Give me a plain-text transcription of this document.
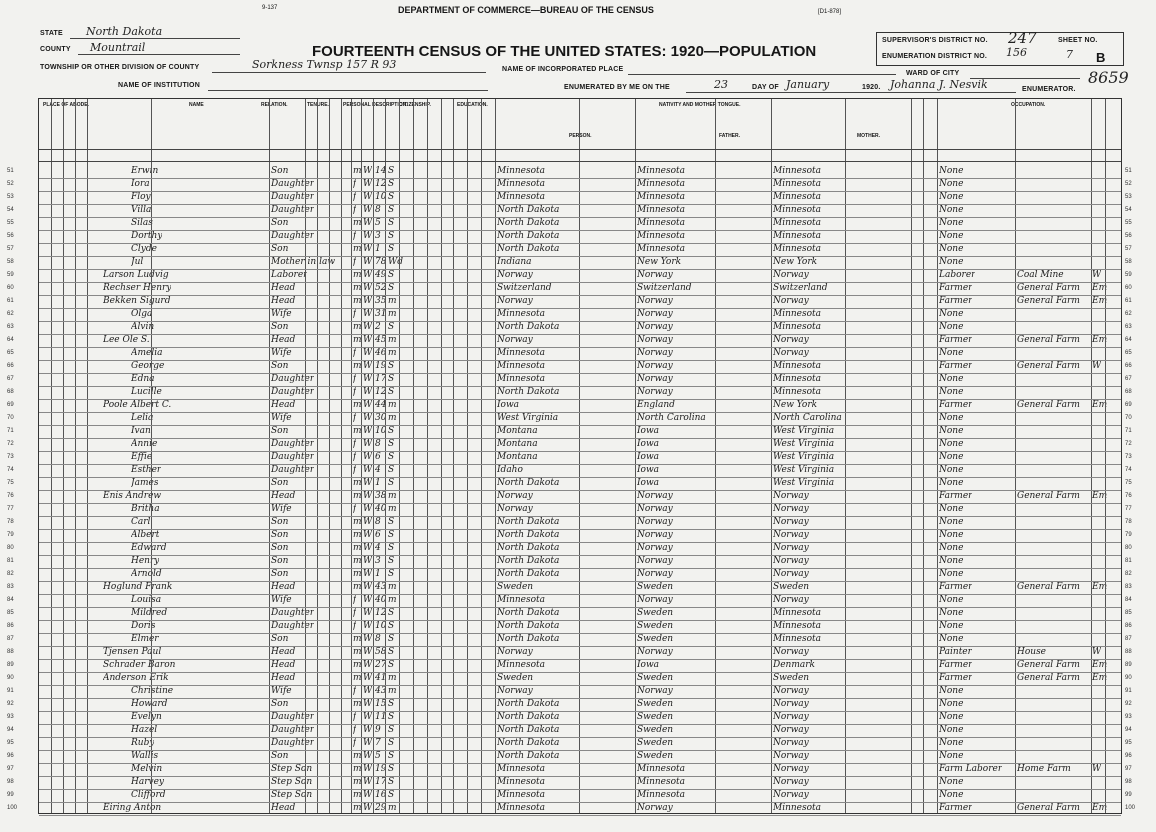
STATE North Dakota
COUNTY Mountrail
9-137	DEPARTMENT OF COMMERCE—BUREAU OF THE CENSUS	[D1-878]
FOURTEENTH CENSUS OF THE UNITED STATES: 1920—POPULATION
TOWNSHIP OR OTHER DIVISION OF COUNTY	Sorkness Twnsp 157 R 93	NAME OF INCORPORATED PLACE
WARD OF CITY
NAME OF INSTITUTION	ENUMERATED BY ME ON THE	23	DAY OF January	1920. Johanna J. Nesvik	ENUMERATOR.
SUPERVISOR'S DISTRICT NO. 247	SHEET NO.
ENUMERATION DISTRICT NO. 156	7 B
8659
PLACE OF ABODE.	NAME	RELATION.	TENURE.	PERSONAL DESCRIPTION.
CITIZENSHIP.	EDUCATION.	NATIVITY AND MOTHER TONGUE.
PERSON.	FATHER.	MOTHER.
OCCUPATION.
51	Erwin	Son	m W 14 S	Minnesota	Minnesota	Minnesota	None	51
52	Iora	Daughter	f W 12 S	Minnesota	Minnesota	Minnesota	None	52
53	Floy	Daughter	f W 10 S	Minnesota	Minnesota	Minnesota	None	53
54	Villa	Daughter	f W 8 S	North Dakota	Minnesota	Minnesota	None	54
55	Silas	Son	m W 5 S	North Dakota	Minnesota	Minnesota	None	55
56	Dorthy	Daughter	f W 3 S	North Dakota	Minnesota	Minnesota	None	56
57	Clyde	Son	m W 1 S	North Dakota	Minnesota	Minnesota	None	57
58	Jul	Mother in law f W 78 Wd	Indiana	New York	New York	None	58
59	Larson Ludvig	Laborer	m W 49 S	Norway	Norway	Norway	Laborer	Coal Mine	W	59
60	Rechser Henry	Head	m W 52 S	Switzerland	Switzerland	Switzerland	Farmer	General Farm Em	60
61	Bekken Sigurd	Head	m W 35 m	Norway	Norway	Norway	Farmer	General Farm Em	61
62	Olga	Wife	f W 31 m	Minnesota	Norway	Minnesota	None	62
63	Alvin	Son	m W 2 S	North Dakota	Norway	Minnesota	None	63
64	Lee Ole S.	Head	m W 45 m	Norway	Norway	Norway	Farmer	General Farm Em	64
65	Amelia	Wife	f W 46 m	Minnesota	Norway	Norway	None	65
66	George	Son	m W 19 S	Minnesota	Norway	Minnesota	Farmer	General Farm W	66
67	Edna	Daughter	f W 17 S	Minnesota	Norway	Minnesota	None	67
68	Lucille	Daughter	f W 12 S	North Dakota	Norway	Minnesota	None	68
69	Poole Albert C.	Head	m W 44 m	Iowa	England	New York	Farmer	General Farm Em	69
70	Lelia	Wife	f W 30 m	West Virginia	North Carolina	North Carolina	None	70
71	Ivan	Son	m W 10 S	Montana	Iowa	West Virginia	None	71
72	Annie	Daughter	f W 8 S	Montana	Iowa	West Virginia	None	72
73	Effie	Daughter	f W 6 S	Montana	Iowa	West Virginia	None	73
74	Esther	Daughter	f W 4 S	Idaho	Iowa	West Virginia	None	74
75	James	Son	m W 1 S	North Dakota	Iowa	West Virginia	None	75
76	Enis Andrew	Head	m W 38 m	Norway	Norway	Norway	Farmer	General Farm Em	76
77	Britha	Wife	f W 40 m	Norway	Norway	Norway	None	77
78	Carl	Son	m W 8 S	North Dakota	Norway	Norway	None	78
79	Albert	Son	m W 6 S	North Dakota	Norway	Norway	None	79
80	Edward	Son	m W 4 S	North Dakota	Norway	Norway	None	80
81	Henry	Son	m W 3 S	North Dakota	Norway	Norway	None	81
82	Arnold	Son	m W 1 S	North Dakota	Norway	Norway	None	82
83	Hoglund Frank	Head	m W 43 m	Sweden	Sweden	Sweden	Farmer	General Farm Em	83
84	Louisa	Wife	f W 40 m	Minnesota	Norway	Norway	None	84
85	Mildred	Daughter	f W 12 S	North Dakota	Sweden	Minnesota	None	85
86	Doris	Daughter	f W 10 S	North Dakota	Sweden	Minnesota	None	86
87	Elmer	Son	m W 8 S	North Dakota	Sweden	Minnesota	None	87
88	Tjensen Paul	Head	m W 58 S	Norway	Norway	Norway	Painter	House	W	88
89	Schrader Baron	Head	m W 27 S	Minnesota	Iowa	Denmark	Farmer	General Farm Em	89
90	Anderson Erik	Head	m W 41 m	Sweden	Sweden	Sweden	Farmer	General Farm Em	90
91	Christine	Wife	f W 43 m	Norway	Norway	Norway	None	91
92	Howard	Son	m W 15 S	North Dakota	Sweden	Norway	None	92
93	Evelyn	Daughter	f W 11 S	North Dakota	Sweden	Norway	None	93
94	Hazel	Daughter	f W 9 S	North Dakota	Sweden	Norway	None	94
95	Ruby	Daughter	f W 7 S	North Dakota	Sweden	Norway	None	95
96	Wallis	Son	m W 5 S	North Dakota	Sweden	Norway	None	96
97	Melvin	Step Son	m W 19 S	Minnesota	Minnesota	Norway	Farm Laborer Home Farm W	97
98	Harvey	Step Son	m W 17 S	Minnesota	Minnesota	Norway	None	98
99	Clifford	Step Son	m W 16 S	Minnesota	Minnesota	Norway	None	99
100	Eiring Anton	Head	m W 29 m	Minnesota	Norway	Minnesota	Farmer	General Farm Em	100
